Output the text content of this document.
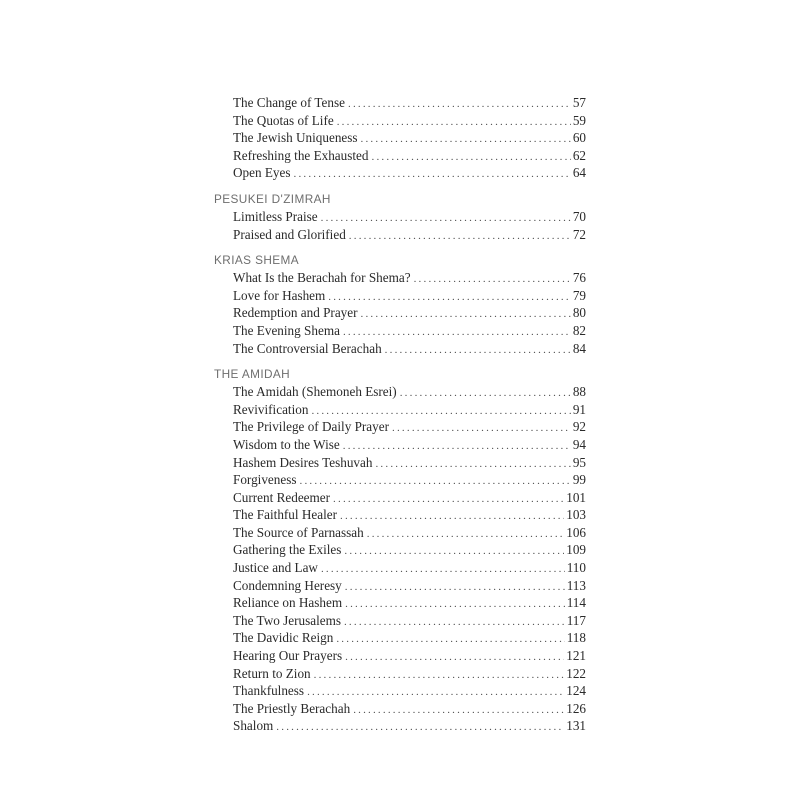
The Change of Tense .....	57
The Quotas of Life .....	59
The Jewish Uniqueness .....	60
Refreshing the Exhausted .....	62
Open Eyes .....	64
PESUKEI D'ZIMRAH
Limitless Praise .....	70
Praised and Glorified .....	72
KRIAS SHEMA
What Is the Berachah for Shema? .....	76
Love for Hashem .....	79
Redemption and Prayer .....	80
The Evening Shema .....	82
The Controversial Berachah .....	84
THE AMIDAH
The Amidah (Shemoneh Esrei) .....	88
Revivification .....	91
The Privilege of Daily Prayer .....	92
Wisdom to the Wise .....	94
Hashem Desires Teshuvah .....	95
Forgiveness .....	99
Current Redeemer .....	101
The Faithful Healer .....	103
The Source of Parnassah .....	106
Gathering the Exiles .....	109
Justice and Law .....	110
Condemning Heresy .....	113
Reliance on Hashem .....	114
The Two Jerusalems .....	117
The Davidic Reign .....	118
Hearing Our Prayers .....	121
Return to Zion .....	122
Thankfulness .....	124
The Priestly Berachah .....	126
Shalom .....	131
